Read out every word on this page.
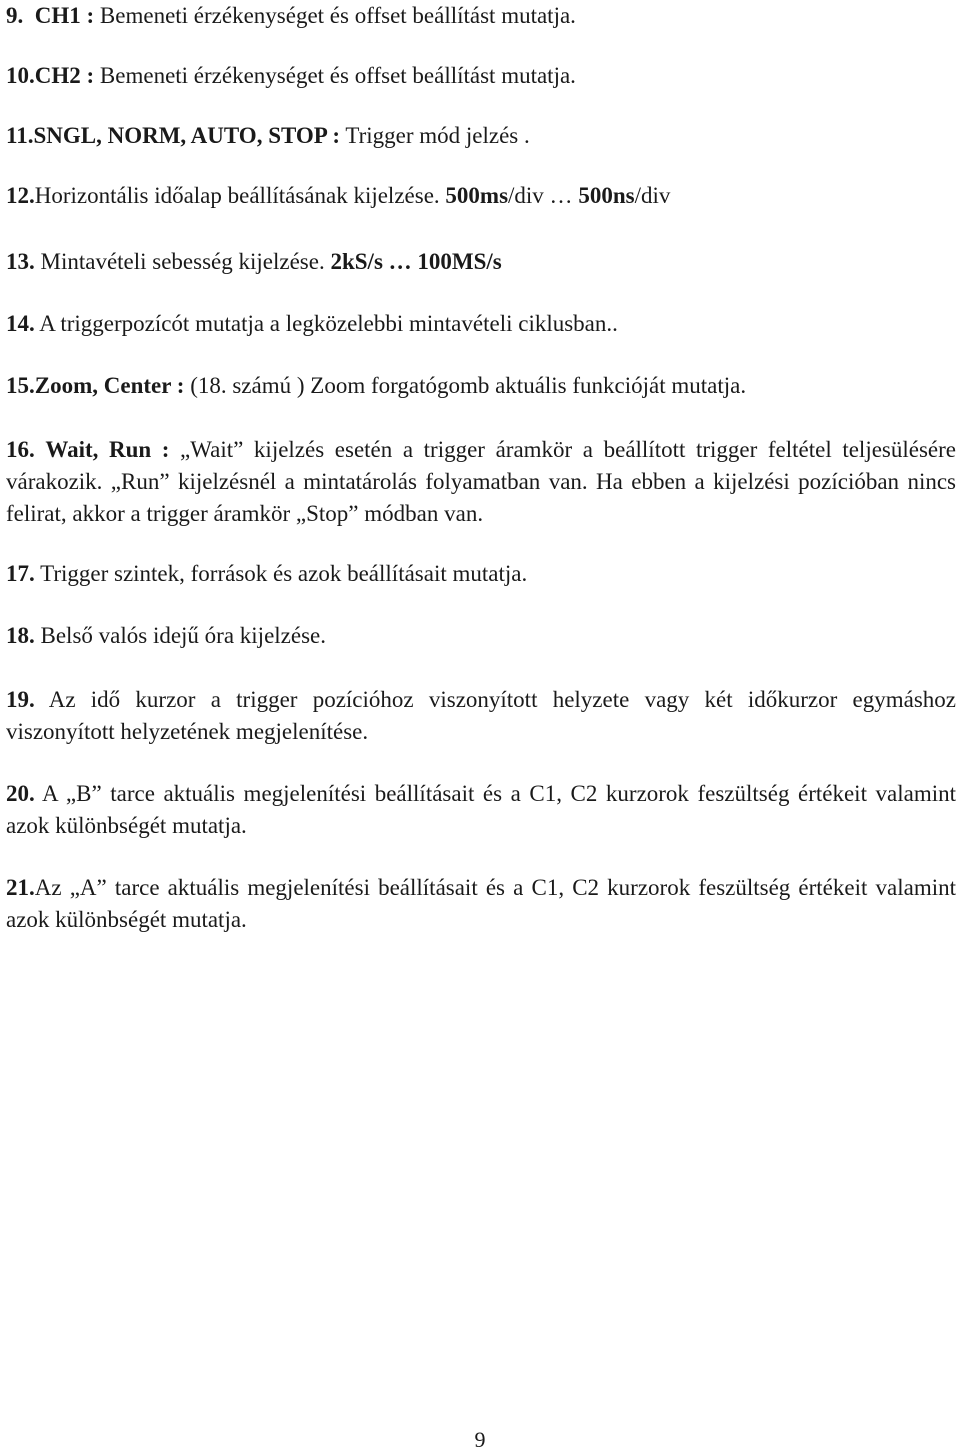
9. CH1 : Bemeneti érzékenységet és offset beállítást mutatja.
10.CH2 : Bemeneti érzékenységet és offset beállítást mutatja.
11.SNGL, NORM, AUTO, STOP : Trigger mód jelzés .
12.Horizontális időalap beállításának kijelzése. 500ms/div … 500ns/div
13. Mintavételi sebesség kijelzése. 2kS/s … 100MS/s
14. A triggerpozícót mutatja a legközelebbi mintavételi ciklusban..
15.Zoom, Center : (18. számú ) Zoom forgatógomb aktuális funkcióját mutatja.
16. Wait, Run : „Wait” kijelzés esetén a trigger áramkör a beállított trigger feltétel teljesülésére várakozik. „Run” kijelzésnél a mintatárolás folyamatban van. Ha ebben a kijelzési pozícióban nincs felirat, akkor a trigger áramkör „Stop” módban van.
17. Trigger szintek, források és azok beállításait mutatja.
18. Belső valós idejű óra kijelzése.
19. Az idő kurzor a trigger pozícióhoz viszonyított helyzete vagy két időkurzor egymáshoz viszonyított helyzetének megjelenítése.
20. A „B” tarce aktuális megjelenítési beállításait és a C1, C2 kurzorok feszültség értékeit valamint azok különbségét mutatja.
21.Az „A” tarce aktuális megjelenítési beállításait és a C1, C2 kurzorok feszültség értékeit valamint azok különbségét mutatja.
9
